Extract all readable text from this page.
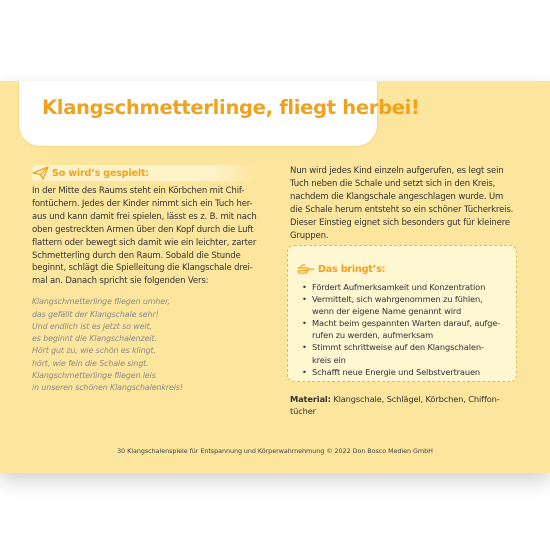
Klangschmetterlinge, fliegt herbei!
So wird’s gespielt:

In der Mitte des Raums steht ein Körbchen mit Chif-
fontüchern. Jedes der Kinder nimmt sich ein Tuch her-
aus und kann damit frei spielen, lässt es z. B. mit nach
oben gestreckten Armen über den Kopf durch die Luft
flattern oder bewegt sich damit wie ein leichter, zarter
Schmetterling durch den Raum. Sobald die Stunde
beginnt, schlägt die Spielleitung die Klangschale drei-
mal an. Danach spricht sie folgenden Vers:

Klangschmetterlinge fliegen umher,
das gefällt der Klangschale sehr!
Und endlich ist es jetzt so weit,
es beginnt die Klangschalenzeit.
Hört gut zu, wie schön es klingt,
hört, wie fein die Schale singt.
Klangschmetterlinge fliegen leis
in unseren schönen Klangschalenkreis!

Nun wird jedes Kind einzeln aufgerufen, es legt sein
Tuch neben die Schale und setzt sich in den Kreis,
nachdem die Klangschale angeschlagen wurde. Um
die Schale herum entsteht so ein schöner Tücherkreis.
Dieser Einstieg eignet sich besonders gut für kleinere
Gruppen.

Das bringt’s:
• Fördert Aufmerksamkeit und Konzentration
• Vermittelt, sich wahrgenommen zu fühlen,
wenn der eigene Name genannt wird
• Macht beim gespannten Warten darauf, aufge-
rufen zu werden, aufmerksam
• Stimmt schrittweise auf den Klangschalen-
kreis ein
• Schafft neue Energie und Selbstvertrauen
Material: Klangschale, Schlägel, Körbchen, Chiffon-
tücher
30 Klangschalenspiele für Entspannung und Körperwahrnehmung © 2022 Don Bosco Medien GmbH
